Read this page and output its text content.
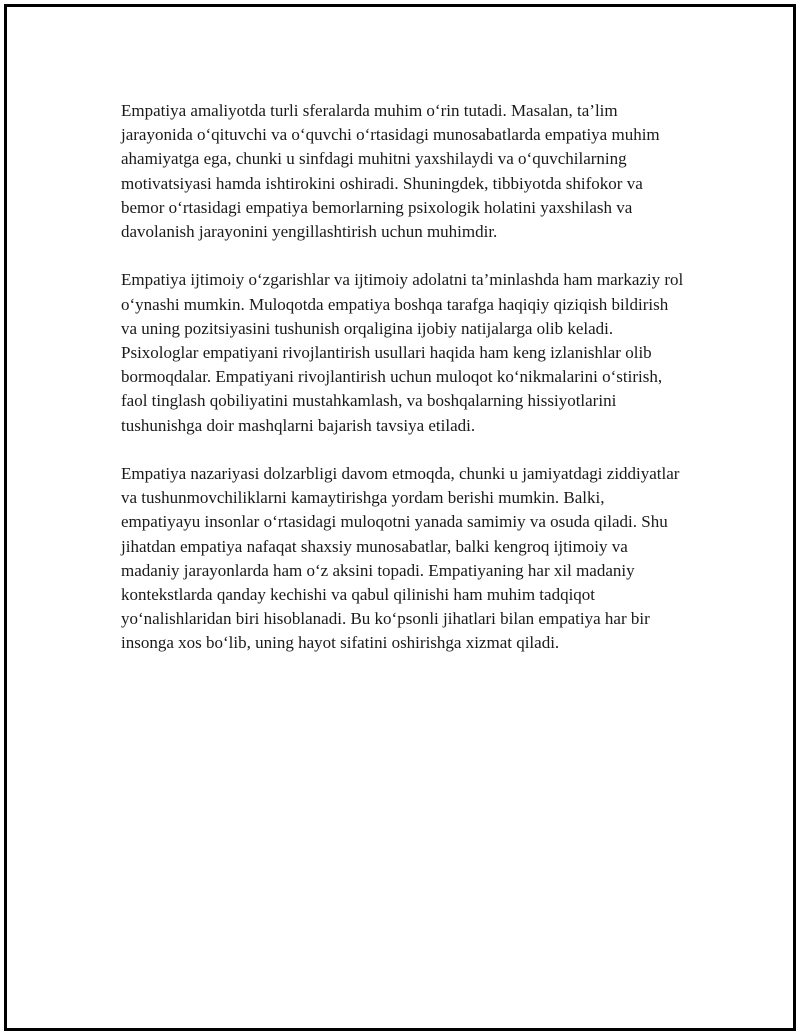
Empatiya amaliyotda turli sferalarda muhim o‘rin tutadi. Masalan, ta’lim jarayonida o‘qituvchi va o‘quvchi o‘rtasidagi munosabatlarda empatiya muhim ahamiyatga ega, chunki u sinfdagi muhitni yaxshilaydi va o‘quvchilarning motivatsiyasi hamda ishtirokini oshiradi. Shuningdek, tibbiyotda shifokor va bemor o‘rtasidagi empatiya bemorlarning psixologik holatini yaxshilash va davolanish jarayonini yengillashtirish uchun muhimdir.

Empatiya ijtimoiy o‘zgarishlar va ijtimoiy adolatni ta’minlashda ham markaziy rol o‘ynashi mumkin. Muloqotda empatiya boshqa tarafga haqiqiy qiziqish bildirish va uning pozitsiyasini tushunish orqaligina ijobiy natijalarga olib keladi. Psixologlar empatiyani rivojlantirish usullari haqida ham keng izlanishlar olib bormoqdalar. Empatiyani rivojlantirish uchun muloqot ko‘nikmalarini o‘stirish, faol tinglash qobiliyatini mustahkamlash, va boshqalarning hissiyotlarini tushunishga doir mashqlarni bajarish tavsiya etiladi.

Empatiya nazariyasi dolzarbligi davom etmoqda, chunki u jamiyatdagi ziddiyatlar va tushunmovchiliklarni kamaytirishga yordam berishi mumkin. Balki, empatiyayu insonlar o‘rtasidagi muloqotni yanada samimiy va osuda qiladi. Shu jihatdan empatiya nafaqat shaxsiy munosabatlar, balki kengroq ijtimoiy va madaniy jarayonlarda ham o‘z aksini topadi. Empatiyaning har xil madaniy kontekstlarda qanday kechishi va qabul qilinishi ham muhim tadqiqot yo‘nalishlaridan biri hisoblanadi. Bu ko‘psonli jihatlari bilan empatiya har bir insonga xos bo‘lib, uning hayot sifatini oshirishga xizmat qiladi.
